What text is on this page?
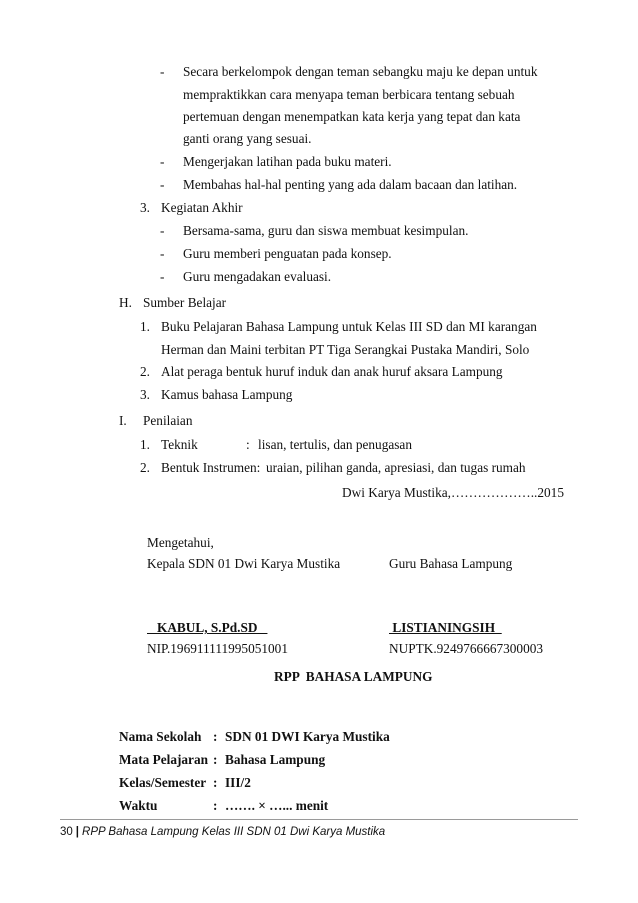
- Secara berkelompok dengan teman sebangku maju ke depan untuk
mempraktikkan cara menyapa teman berbicara tentang sebuah
pertemuan dengan menempatkan kata kerja yang tepat dan kata
ganti orang yang sesuai.
- Mengerjakan latihan pada buku materi.
- Membahas hal-hal penting yang ada dalam bacaan dan latihan.
3. Kegiatan Akhir
- Bersama-sama, guru dan siswa membuat kesimpulan.
- Guru memberi penguatan pada konsep.
- Guru mengadakan evaluasi.
H. Sumber Belajar
1. Buku Pelajaran Bahasa Lampung untuk Kelas III SD dan MI karangan
Herman dan Maini terbitan PT Tiga Serangkai Pustaka Mandiri, Solo
2. Alat peraga bentuk huruf induk dan anak huruf aksara Lampung
3. Kamus bahasa Lampung
I. Penilaian
1. Teknik	: lisan, tertulis, dan penugasan
2. Bentuk Instrumen: uraian, pilihan ganda, apresiasi, dan tugas rumah
Dwi Karya Mustika,………………..2015
Mengetahui,
Kepala SDN 01 Dwi Karya Mustika	Guru Bahasa Lampung
KABUL, S.Pd.SD	LISTIANINGSIH
NIP.196911111995051001	NUPTK.9249766667300003
RPP  BAHASA LAMPUNG
Nama Sekolah : SDN 01 DWI Karya Mustika
Mata Pelajaran : Bahasa Lampung
Kelas/Semester : III/2
Waktu	: ……. × …... menit
30 | RPP Bahasa Lampung Kelas III SDN 01 Dwi Karya Mustika
